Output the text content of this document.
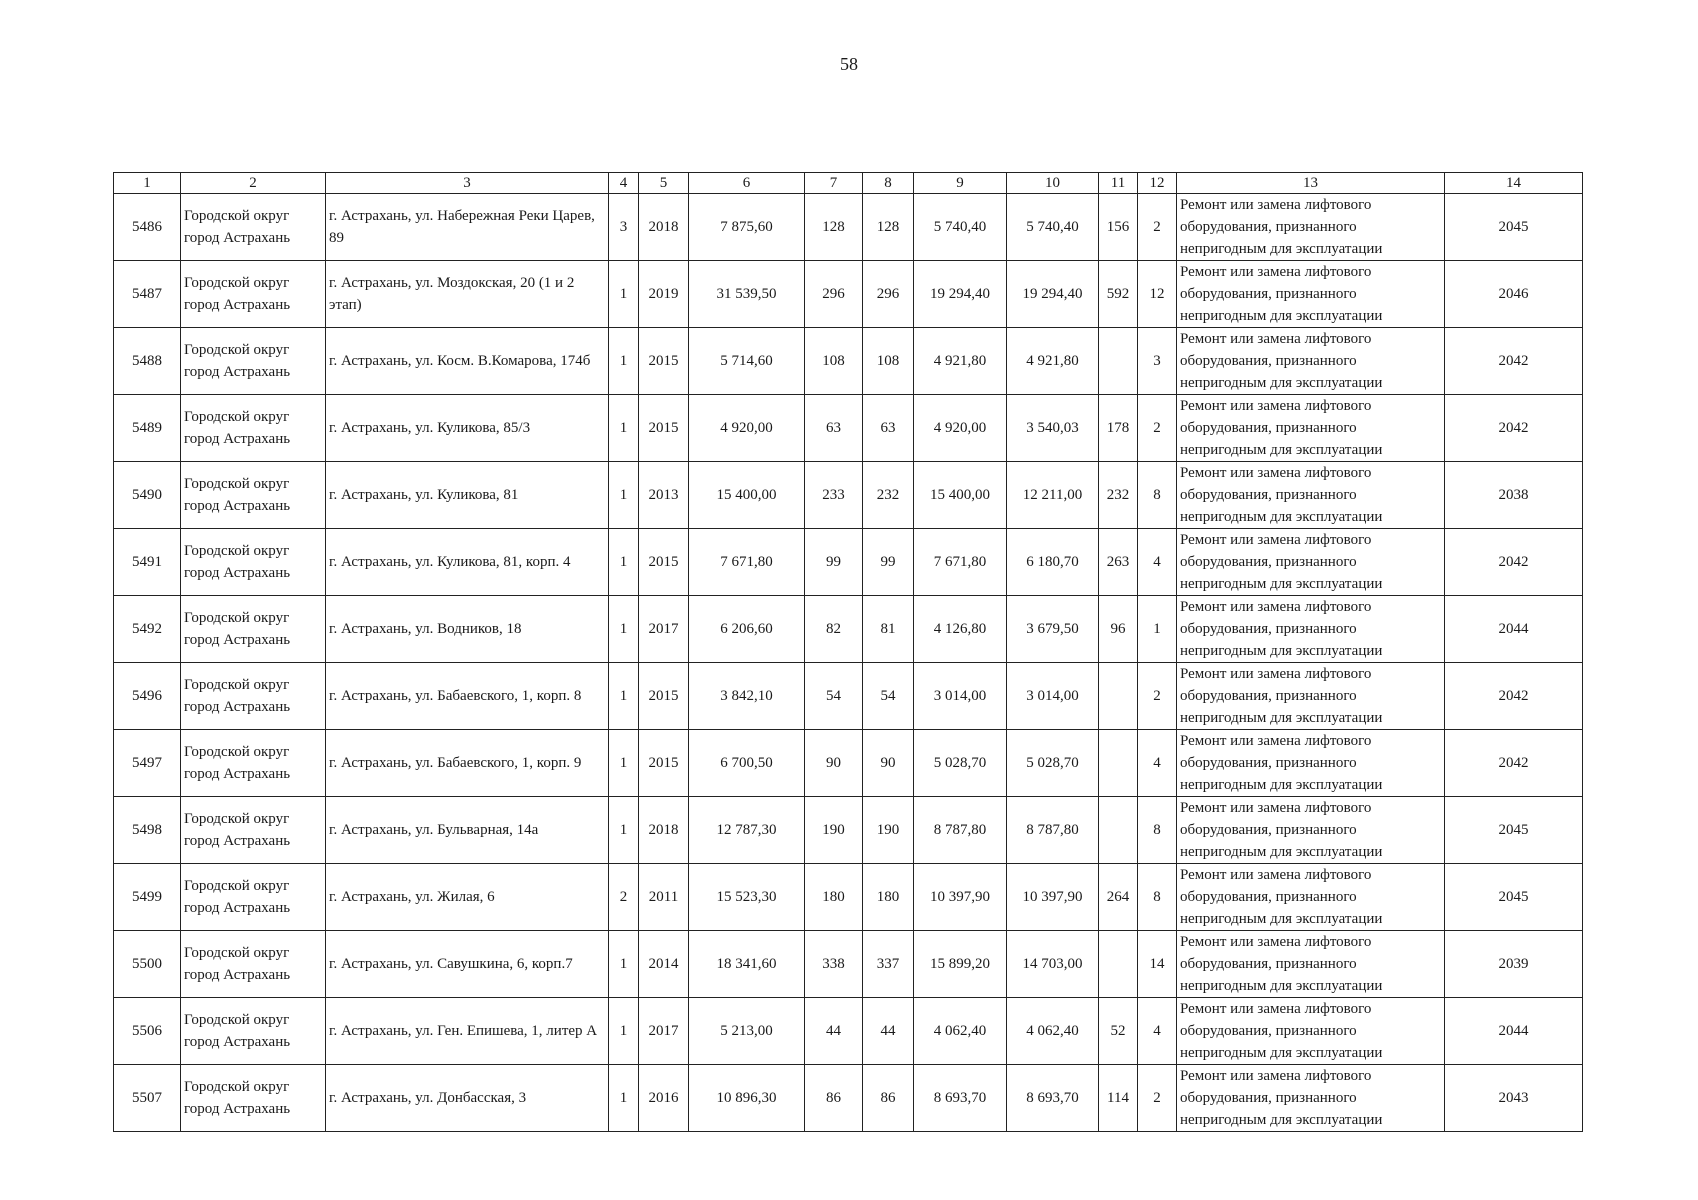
58
1	2	3	4	5	6	7	8	9	10	11	12	13	14
5486	Городской округ город Астрахань	г. Астрахань, ул. Набережная Реки Царев, 89	3	2018	7 875,60	128	128	5 740,40	5 740,40	156	2	Ремонт или замена лифтового оборудования, признанного непригодным для эксплуатации	2045
5487	Городской округ город Астрахань	г. Астрахань, ул. Моздокская, 20 (1 и 2 этап)	1	2019	31 539,50	296	296	19 294,40	19 294,40	592	12	Ремонт или замена лифтового оборудования, признанного непригодным для эксплуатации	2046
5488	Городской округ город Астрахань	г. Астрахань, ул. Косм. В.Комарова, 174б	1	2015	5 714,60	108	108	4 921,80	4 921,80		3	Ремонт или замена лифтового оборудования, признанного непригодным для эксплуатации	2042
5489	Городской округ город Астрахань	г. Астрахань, ул. Куликова, 85/3	1	2015	4 920,00	63	63	4 920,00	3 540,03	178	2	Ремонт или замена лифтового оборудования, признанного непригодным для эксплуатации	2042
5490	Городской округ город Астрахань	г. Астрахань, ул. Куликова, 81	1	2013	15 400,00	233	232	15 400,00	12 211,00	232	8	Ремонт или замена лифтового оборудования, признанного непригодным для эксплуатации	2038
5491	Городской округ город Астрахань	г. Астрахань, ул. Куликова, 81, корп. 4	1	2015	7 671,80	99	99	7 671,80	6 180,70	263	4	Ремонт или замена лифтового оборудования, признанного непригодным для эксплуатации	2042
5492	Городской округ город Астрахань	г. Астрахань, ул. Водников, 18	1	2017	6 206,60	82	81	4 126,80	3 679,50	96	1	Ремонт или замена лифтового оборудования, признанного непригодным для эксплуатации	2044
5496	Городской округ город Астрахань	г. Астрахань, ул. Бабаевского, 1, корп. 8	1	2015	3 842,10	54	54	3 014,00	3 014,00		2	Ремонт или замена лифтового оборудования, признанного непригодным для эксплуатации	2042
5497	Городской округ город Астрахань	г. Астрахань, ул. Бабаевского, 1, корп. 9	1	2015	6 700,50	90	90	5 028,70	5 028,70		4	Ремонт или замена лифтового оборудования, признанного непригодным для эксплуатации	2042
5498	Городской округ город Астрахань	г. Астрахань, ул. Бульварная, 14а	1	2018	12 787,30	190	190	8 787,80	8 787,80		8	Ремонт или замена лифтового оборудования, признанного непригодным для эксплуатации	2045
5499	Городской округ город Астрахань	г. Астрахань, ул. Жилая, 6	2	2011	15 523,30	180	180	10 397,90	10 397,90	264	8	Ремонт или замена лифтового оборудования, признанного непригодным для эксплуатации	2045
5500	Городской округ город Астрахань	г. Астрахань, ул. Савушкина, 6, корп.7	1	2014	18 341,60	338	337	15 899,20	14 703,00		14	Ремонт или замена лифтового оборудования, признанного непригодным для эксплуатации	2039
5506	Городской округ город Астрахань	г. Астрахань, ул. Ген. Епишева, 1, литер А	1	2017	5 213,00	44	44	4 062,40	4 062,40	52	4	Ремонт или замена лифтового оборудования, признанного непригодным для эксплуатации	2044
5507	Городской округ город Астрахань	г. Астрахань, ул. Донбасская, 3	1	2016	10 896,30	86	86	8 693,70	8 693,70	114	2	Ремонт или замена лифтового оборудования, признанного непригодным для эксплуатации	2043
